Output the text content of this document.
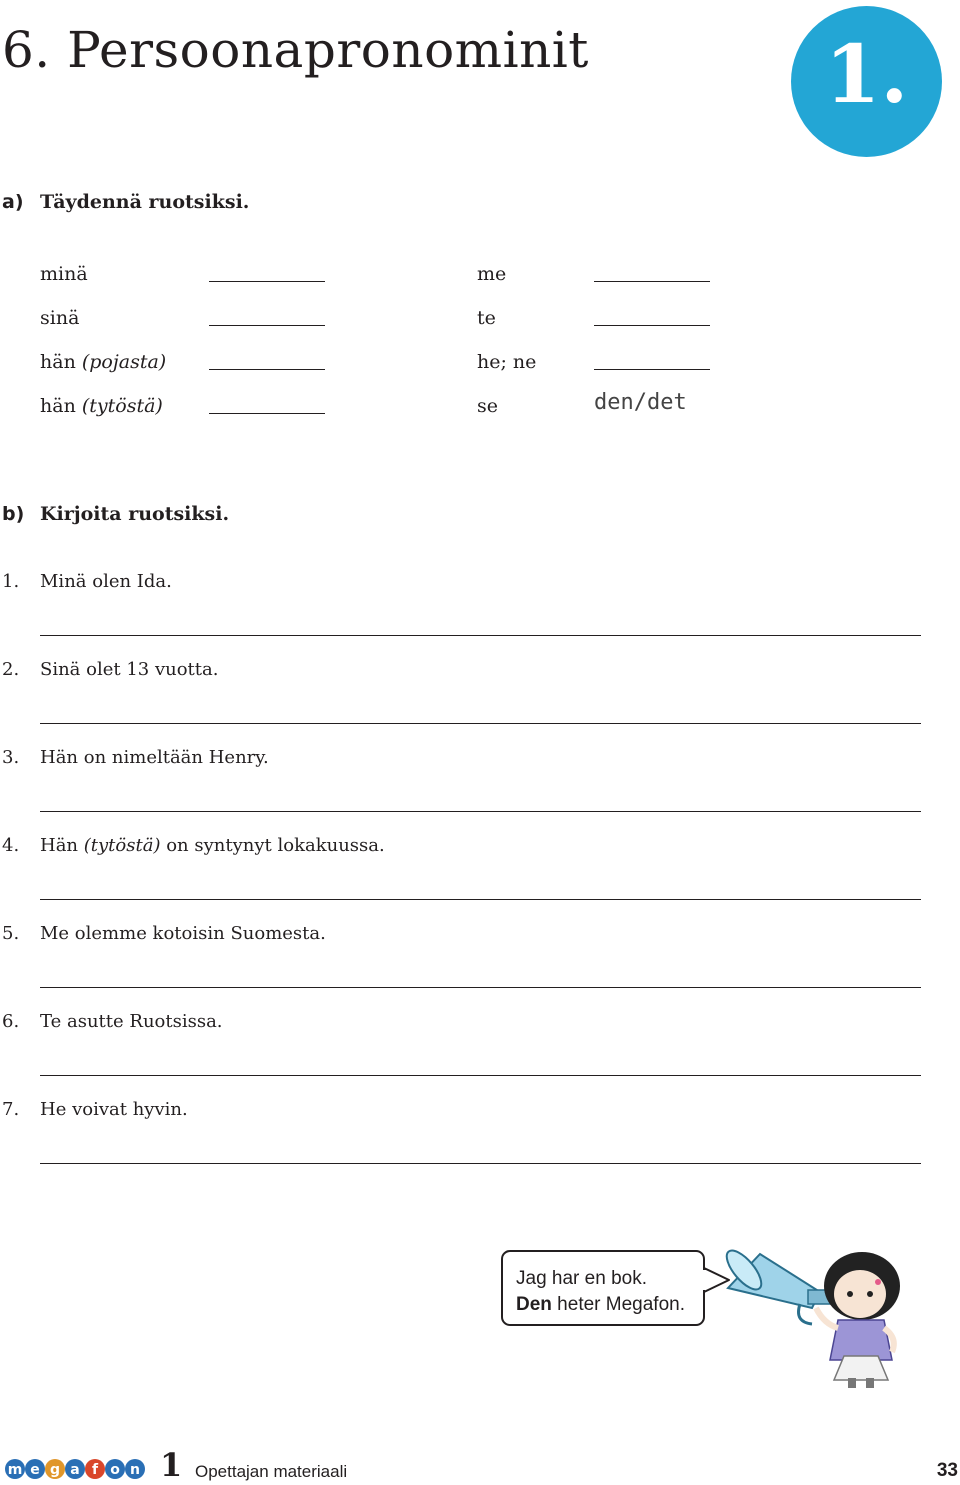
6. Persoonapronominit	1.
a) Täydennä ruotsiksi.
minä	me
sinä	te
hän (pojasta)	he; ne
hän (tytöstä)	se	den/det
b) Kirjoita ruotsiksi.
1.	Minä olen Ida.
2.	Sinä olet 13 vuotta.
3.	Hän on nimeltään Henry.
4.	Hän (tytöstä) on syntynyt lokakuussa.
5.	Me olemme kotoisin Suomesta.
6.	Te asutte Ruotsissa.
7.	He voivat hyvin.
Jag har en bok.
Den heter Megafon.
m e g a f o n 1 Opettajan materiaali	33
